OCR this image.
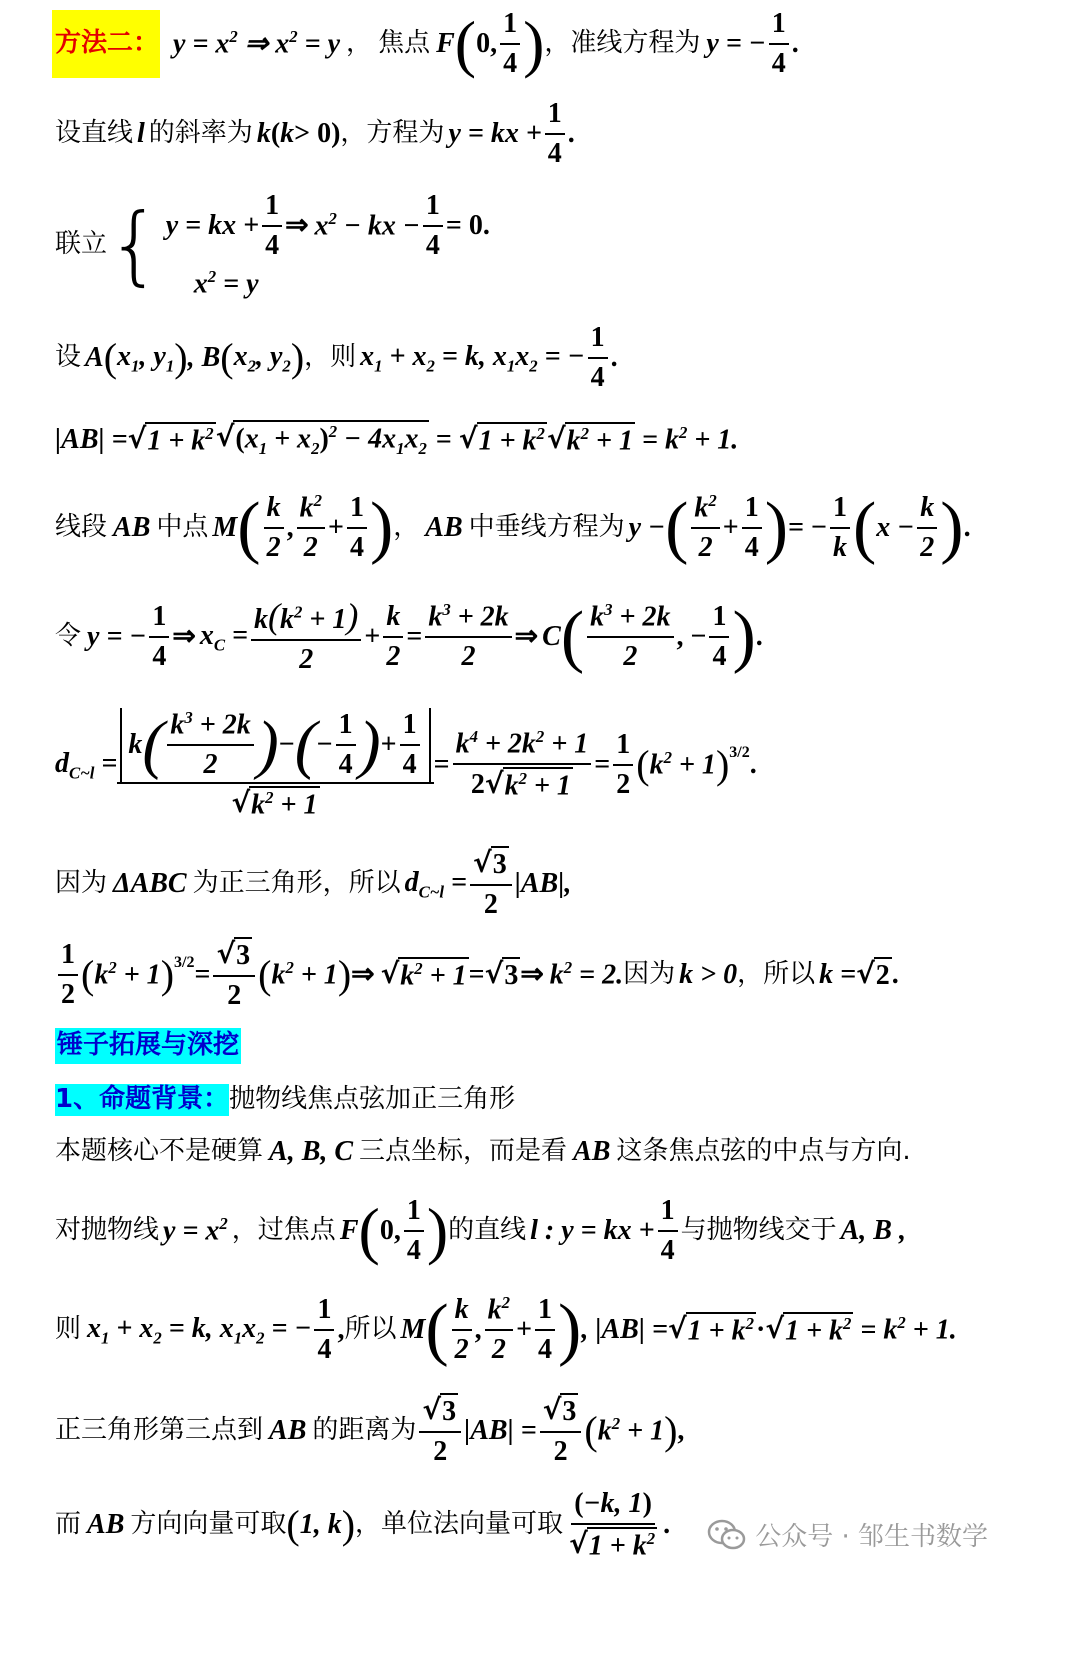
方法二： $y = x^2$ ⇒ $x^2 = y$ ， 焦点 F ( 0, $\frac{1}{4}$ ) ， 准线方程为 y = − $\frac{1}{4}$ .
设直线 l 的斜率为 k ( k > 0) ，方程为 y = kx + $\frac{1}{4}$ .
联立 { y = kx + $\frac{1}{4}$ ⇒ $x^2$ − kx − $\frac{1}{4} = 0$.
$x^2 = y$
设 A ( $x_1$, $y_1$ ) , B ( $x_2$, $y_2$ ) ，则 $x_1 + x_2 = k$, $x_1x_2$ = − $\frac{1}{4}$ .
|AB| = √ $1 + k^2$ √ $(x_1 + x_2)^2 - 4x_1x_2$ = √ $1 + k^2$ √ $k^2 + 1 = k^2 + 1$.
线段 AB 中点 M ( $\frac{k}{2}$ , $\frac{k^2}{2} + \frac{1}{4}$ ) ， AB 中垂线方程为 y − ( $\frac{k^2}{2} + \frac{1}{4}$ ) = − $\frac{1}{k}$ ( $x - \frac{k}{2}$ ) .
令 y = − $\frac{1}{4}$ ⇒ $x_C = \frac{k(k^2 + 1)}{2} + \frac{k}{2} = \frac{k^3 + 2k}{2}$ ⇒ C ( $\frac{k^3 + 2k}{2}$ , − $\frac{1}{4}$ ) .
$d_{C\sim l} = \frac{k ( \frac{k^3 + 2k}{2} ) - ( - \frac{1}{4} ) + \frac{1}{4}}{√ k^2 + 1} = \frac{k^4 + 2k^2 + 1}{2 √ k^2 + 1} = \frac{1}{2}$ ( $k^2 + 1$ )$^{3/2}$ .
因为 ΔABC 为正三角形，所以 $d_{C\sim l} = \frac{√ 3}{2} |AB|$,
$\frac{1}{2}$ ( $k^2 + 1$ )$^{3/2} = \frac{√ 3}{2}$ ( $k^2 + 1$ ) ⇒ √ $k^2 + 1$ = √ 3 ⇒ $k^2 = 2$. 因为 k > 0 ，所以 k = √ 2 .
锤子拓展与深挖
1、命题背景： 抛物线焦点弦加正三角形
本题核心不是硬算 A, B, C 三点坐标，而是看 AB 这条焦点弦的中点与方向.
对抛物线 $y = x^2$ ，过焦点 F ( 0, $\frac{1}{4}$ ) 的直线 l : y = kx + $\frac{1}{4}$ 与抛物线交于 A, B ,
则 $x_1 + x_2 = k$, $x_1x_2$ = − $\frac{1}{4}$ , 所以 M ( $\frac{k}{2}$ , $\frac{k^2}{2} + \frac{1}{4}$ ) , |AB| = √ $1 + k^2$ · √ $1 + k^2 = k^2 + 1$.
正三角形第三点到 AB 的距离为 $\frac{√ 3}{2} |AB| = \frac{√ 3}{2}$ ( $k^2 + 1$ ) ,
而 AB 方向向量可取 ( 1, k ) ，单位法向量可取 $\frac{(-k, 1)}{√ 1 + k^2}$ .	公众号 · 邹生书数学
